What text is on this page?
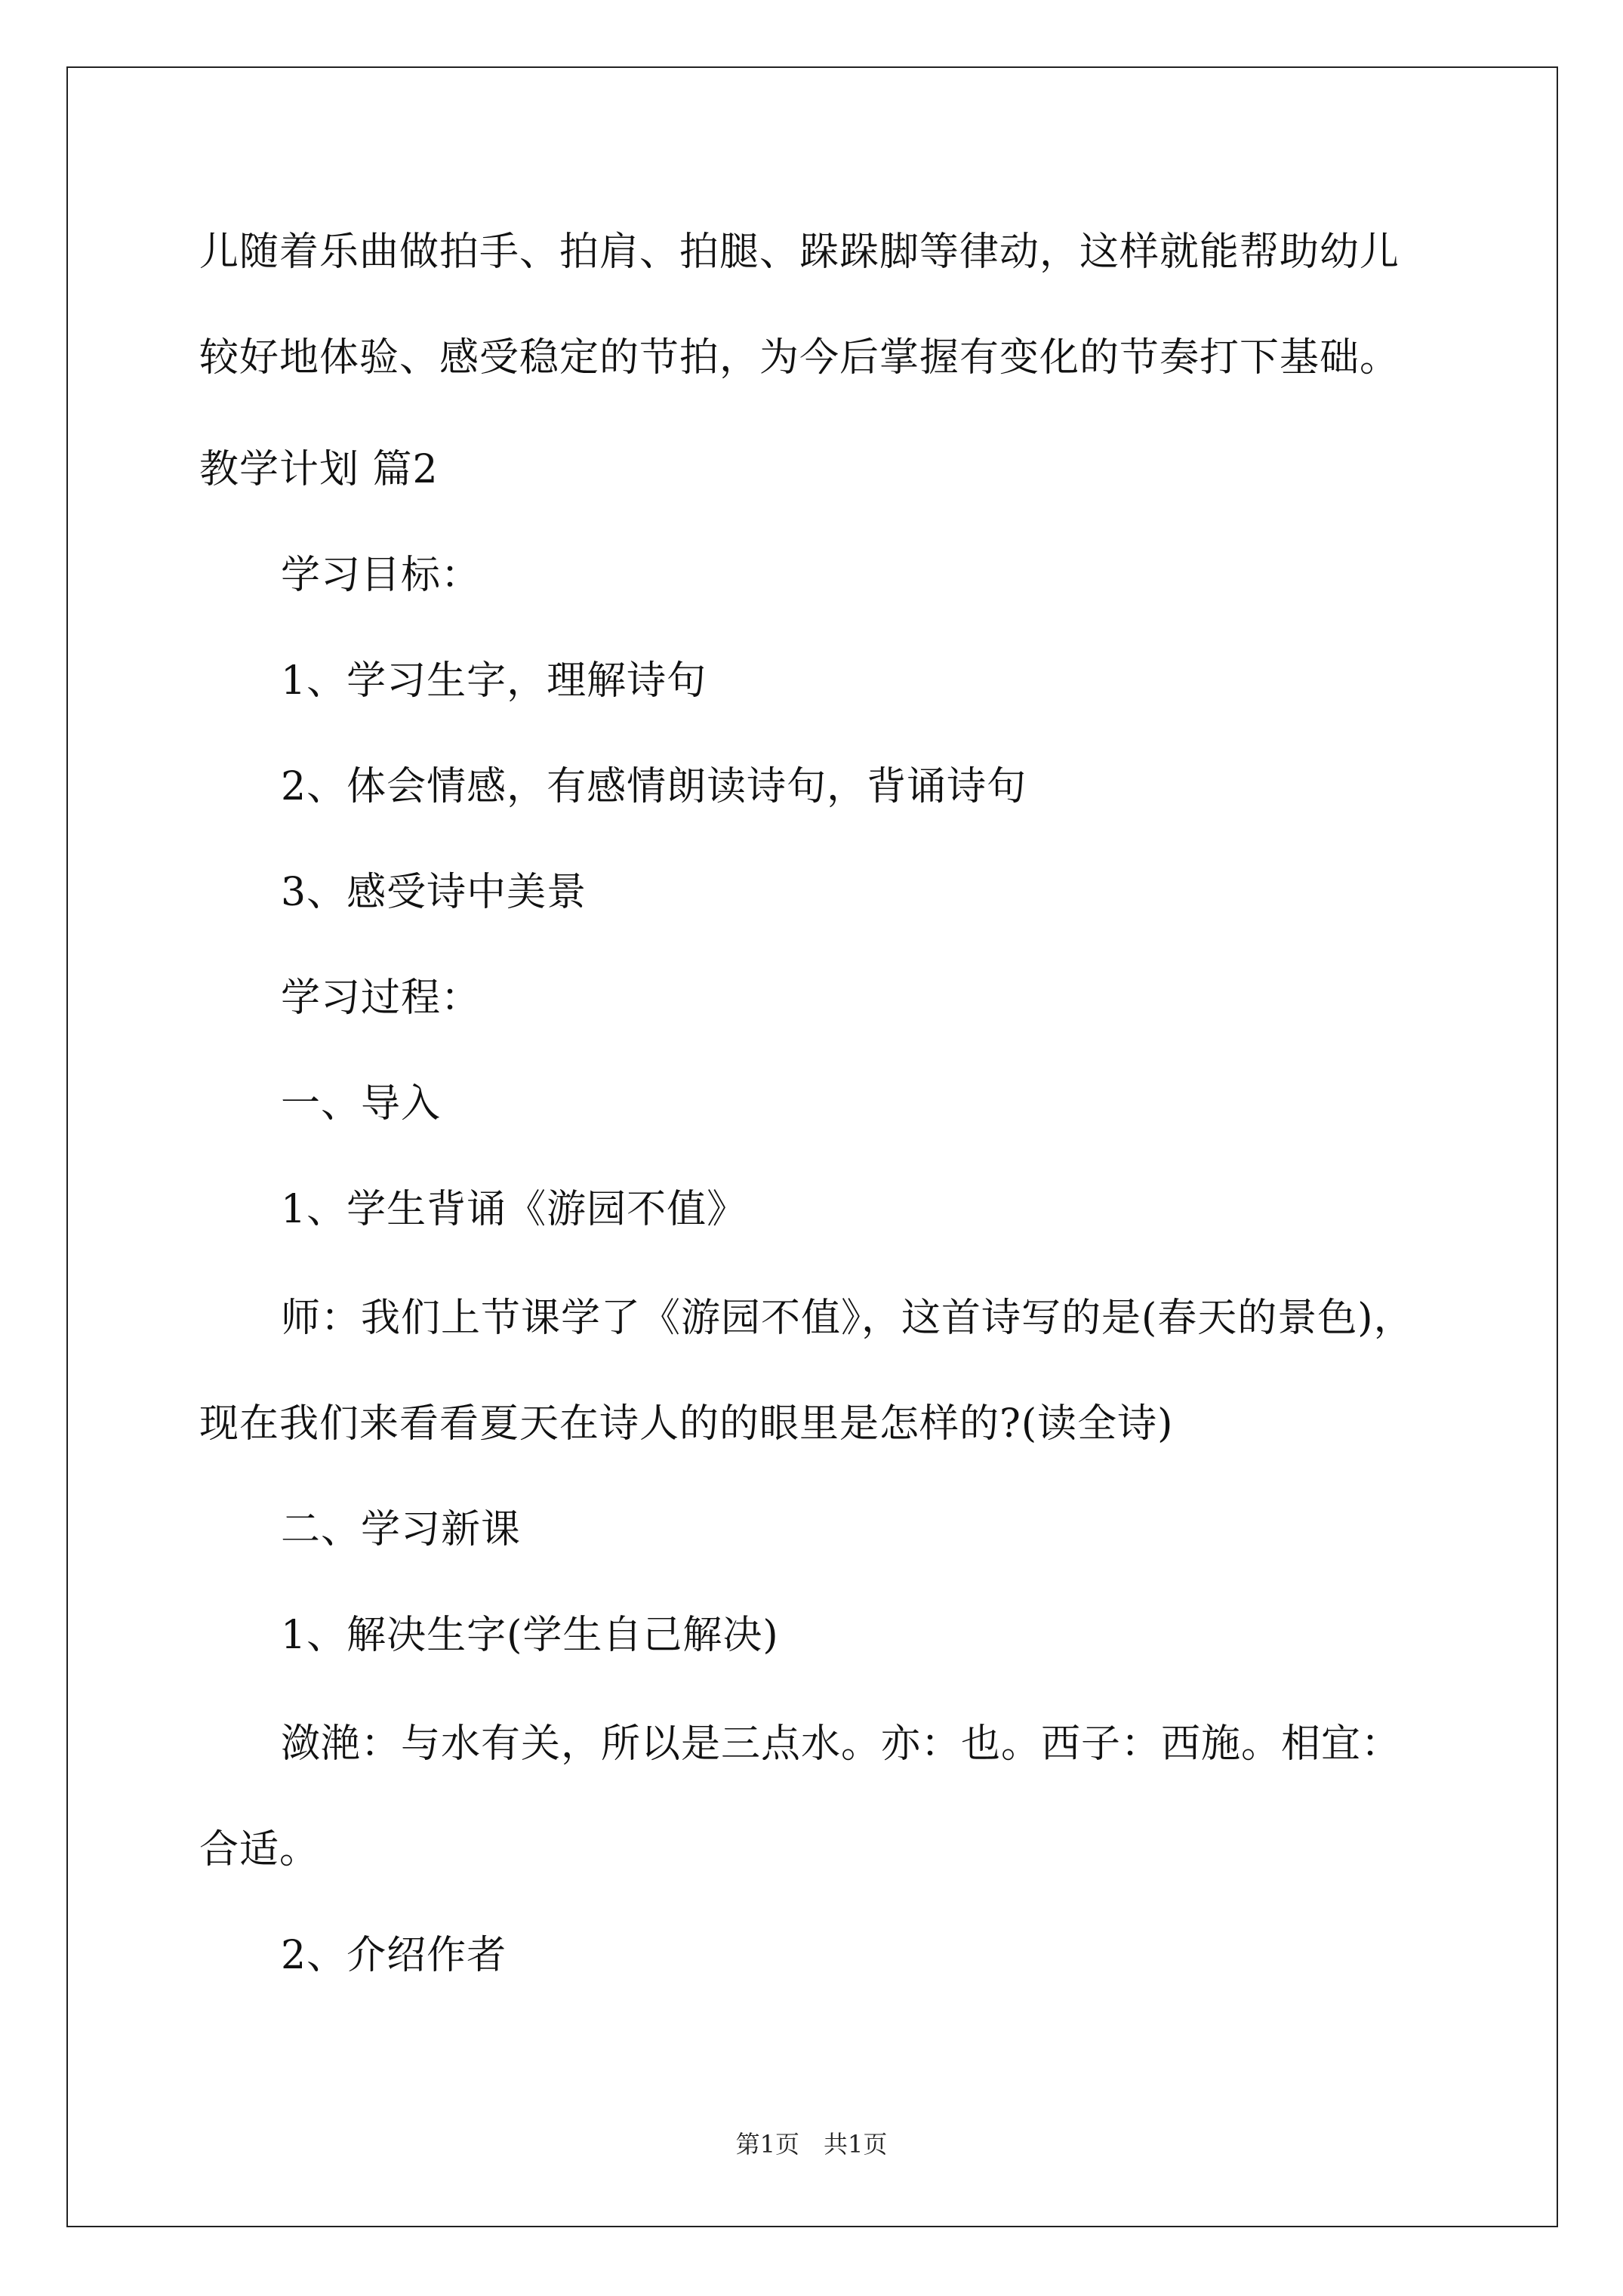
儿随着乐曲做拍手、拍肩、拍腿、跺跺脚等律动，这样就能帮助幼儿
较好地体验、感受稳定的节拍，为今后掌握有变化的节奏打下基础。
教学计划 篇2
学习目标：
1、学习生字，理解诗句
2、体会情感，有感情朗读诗句，背诵诗句
3、感受诗中美景
学习过程：
一、导入
1、学生背诵《游园不值》
师：我们上节课学了《游园不值》，这首诗写的是(春天的景色)，
现在我们来看看夏天在诗人的的眼里是怎样的?(读全诗)
二、学习新课
1、解决生字(学生自己解决)
潋滟：与水有关，所以是三点水。亦：也。西子：西施。相宜：
合适。
2、介绍作者
第1页　共1页
